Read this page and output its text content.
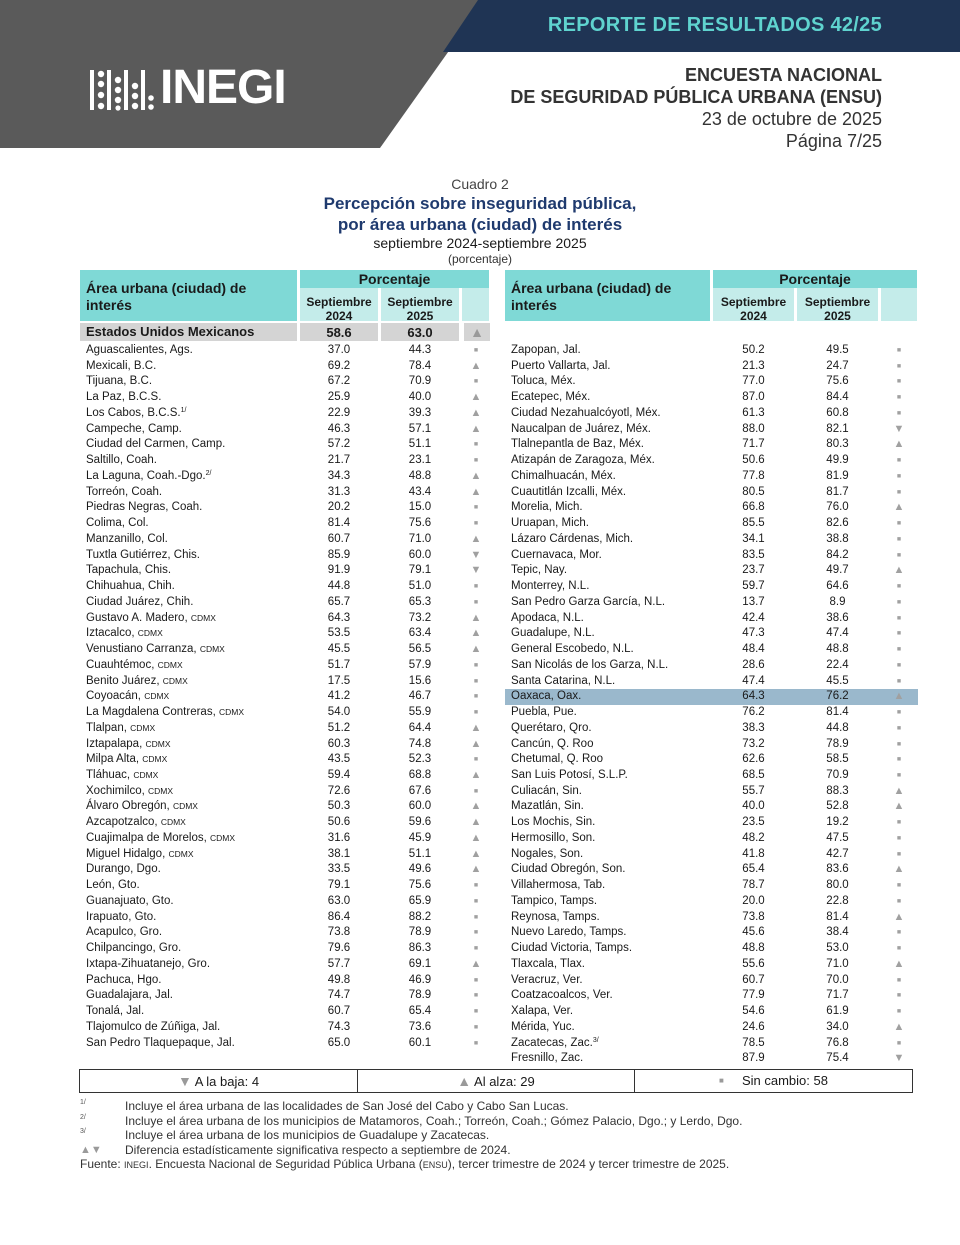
REPORTE DE RESULTADOS 42/25
INEGI	ENCUESTA NACIONAL
DE SEGURIDAD PÚBLICA URBANA (ENSU)
23 de octubre de 2025
Página 7/25
Cuadro 2
Percepción sobre inseguridad pública,
por área urbana (ciudad) de interés
septiembre 2024-septiembre 2025
(porcentaje)
Área urbana (ciudad) de interés
Porcentaje
Septiembre 2024
Septiembre 2025
Área urbana (ciudad) de interés
Porcentaje
Septiembre 2024
Septiembre 2025
Estados Unidos Mexicanos	58.6	63.0	▲
Aguascalientes, Ags.	37.0	44.3	■
Mexicali, B.C.	69.2	78.4	▲
Tijuana, B.C.	67.2	70.9	■
La Paz, B.C.S.	25.9	40.0	▲
Los Cabos, B.C.S.$^{1/}$	22.9	39.3	▲
Campeche, Camp.	46.3	57.1	▲
Ciudad del Carmen, Camp.	57.2	51.1	■
Saltillo, Coah.	21.7	23.1	■
La Laguna, Coah.-Dgo.$^{2/}$	34.3	48.8	▲
Torreón, Coah.	31.3	43.4	▲
Piedras Negras, Coah.	20.2	15.0	■
Colima, Col.	81.4	75.6	■
Manzanillo, Col.	60.7	71.0	▲
Tuxtla Gutiérrez, Chis.	85.9	60.0	▼
Tapachula, Chis.	91.9	79.1	▼
Chihuahua, Chih.	44.8	51.0	■
Ciudad Juárez, Chih.	65.7	65.3	■
Gustavo A. Madero, CDMX	64.3	73.2	▲
Iztacalco, CDMX	53.5	63.4	▲
Venustiano Carranza, CDMX	45.5	56.5	▲
Cuauhtémoc, CDMX	51.7	57.9	■
Benito Juárez, CDMX	17.5	15.6	■
Coyoacán, CDMX	41.2	46.7	■
La Magdalena Contreras, CDMX	54.0	55.9	■
Tlalpan, CDMX	51.2	64.4	▲
Iztapalapa, CDMX	60.3	74.8	▲
Milpa Alta, CDMX	43.5	52.3	■
Tláhuac, CDMX	59.4	68.8	▲
Xochimilco, CDMX	72.6	67.6	■
Álvaro Obregón, CDMX	50.3	60.0	▲
Azcapotzalco, CDMX	50.6	59.6	▲
Cuajimalpa de Morelos, CDMX	31.6	45.9	▲
Miguel Hidalgo, CDMX	38.1	51.1	▲
Durango, Dgo.	33.5	49.6	▲
León, Gto.	79.1	75.6	■
Guanajuato, Gto.	63.0	65.9	■
Irapuato, Gto.	86.4	88.2	■
Acapulco, Gro.	73.8	78.9	■
Chilpancingo, Gro.	79.6	86.3	■
Ixtapa-Zihuatanejo, Gro.	57.7	69.1	▲
Pachuca, Hgo.	49.8	46.9	■
Guadalajara, Jal.	74.7	78.9	■
Tonalá, Jal.	60.7	65.4	■
Tlajomulco de Zúñiga, Jal.	74.3	73.6	■
San Pedro Tlaquepaque, Jal.	65.0	60.1	■
Zapopan, Jal.	50.2	49.5	■
Puerto Vallarta, Jal.	21.3	24.7	■
Toluca, Méx.	77.0	75.6	■
Ecatepec, Méx.	87.0	84.4	■
Ciudad Nezahualcóyotl, Méx.	61.3	60.8	■
Naucalpan de Juárez, Méx.	88.0	82.1	▼
Tlalnepantla de Baz, Méx.	71.7	80.3	▲
Atizapán de Zaragoza, Méx.	50.6	49.9	■
Chimalhuacán, Méx.	77.8	81.9	■
Cuautitlán Izcalli, Méx.	80.5	81.7	■
Morelia, Mich.	66.8	76.0	▲
Uruapan, Mich.	85.5	82.6	■
Lázaro Cárdenas, Mich.	34.1	38.8	■
Cuernavaca, Mor.	83.5	84.2	■
Tepic, Nay.	23.7	49.7	▲
Monterrey, N.L.	59.7	64.6	■
San Pedro Garza García, N.L.	13.7	8.9	■
Apodaca, N.L.	42.4	38.6	■
Guadalupe, N.L.	47.3	47.4	■
General Escobedo, N.L.	48.4	48.8	■
San Nicolás de los Garza, N.L.	28.6	22.4	■
Santa Catarina, N.L.	47.4	45.5	■
Oaxaca, Oax.	64.3	76.2	▲
Puebla, Pue.	76.2	81.4	■
Querétaro, Qro.	38.3	44.8	■
Cancún, Q. Roo	73.2	78.9	■
Chetumal, Q. Roo	62.6	58.5	■
San Luis Potosí, S.L.P.	68.5	70.9	■
Culiacán, Sin.	55.7	88.3	▲
Mazatlán, Sin.	40.0	52.8	▲
Los Mochis, Sin.	23.5	19.2	■
Hermosillo, Son.	48.2	47.5	■
Nogales, Son.	41.8	42.7	■
Ciudad Obregón, Son.	65.4	83.6	▲
Villahermosa, Tab.	78.7	80.0	■
Tampico, Tamps.	20.0	22.8	■
Reynosa, Tamps.	73.8	81.4	▲
Nuevo Laredo, Tamps.	45.6	38.4	■
Ciudad Victoria, Tamps.	48.8	53.0	■
Tlaxcala, Tlax.	55.6	71.0	▲
Veracruz, Ver.	60.7	70.0	■
Coatzacoalcos, Ver.	77.9	71.7	■
Xalapa, Ver.	54.6	61.9	■
Mérida, Yuc.	24.6	34.0	▲
Zacatecas, Zac.$^{3/}$	78.5	76.8	■
Fresnillo, Zac.	87.9	75.4	▼
▼ A la baja: 4	▲ Al alza: 29	■ Sin cambio: 58
1/	Incluye el área urbana de las localidades de San José del Cabo y Cabo San Lucas.
2/	Incluye el área urbana de los municipios de Matamoros, Coah.; Torreón, Coah.; Gómez Palacio, Dgo.; y Lerdo, Dgo.
3/	Incluye el área urbana de los municipios de Guadalupe y Zacatecas.
▲▼ Diferencia estadísticamente significativa respecto a septiembre de 2024.
Fuente: INEGI. Encuesta Nacional de Seguridad Pública Urbana (ENSU), tercer trimestre de 2024 y tercer trimestre de 2025.
